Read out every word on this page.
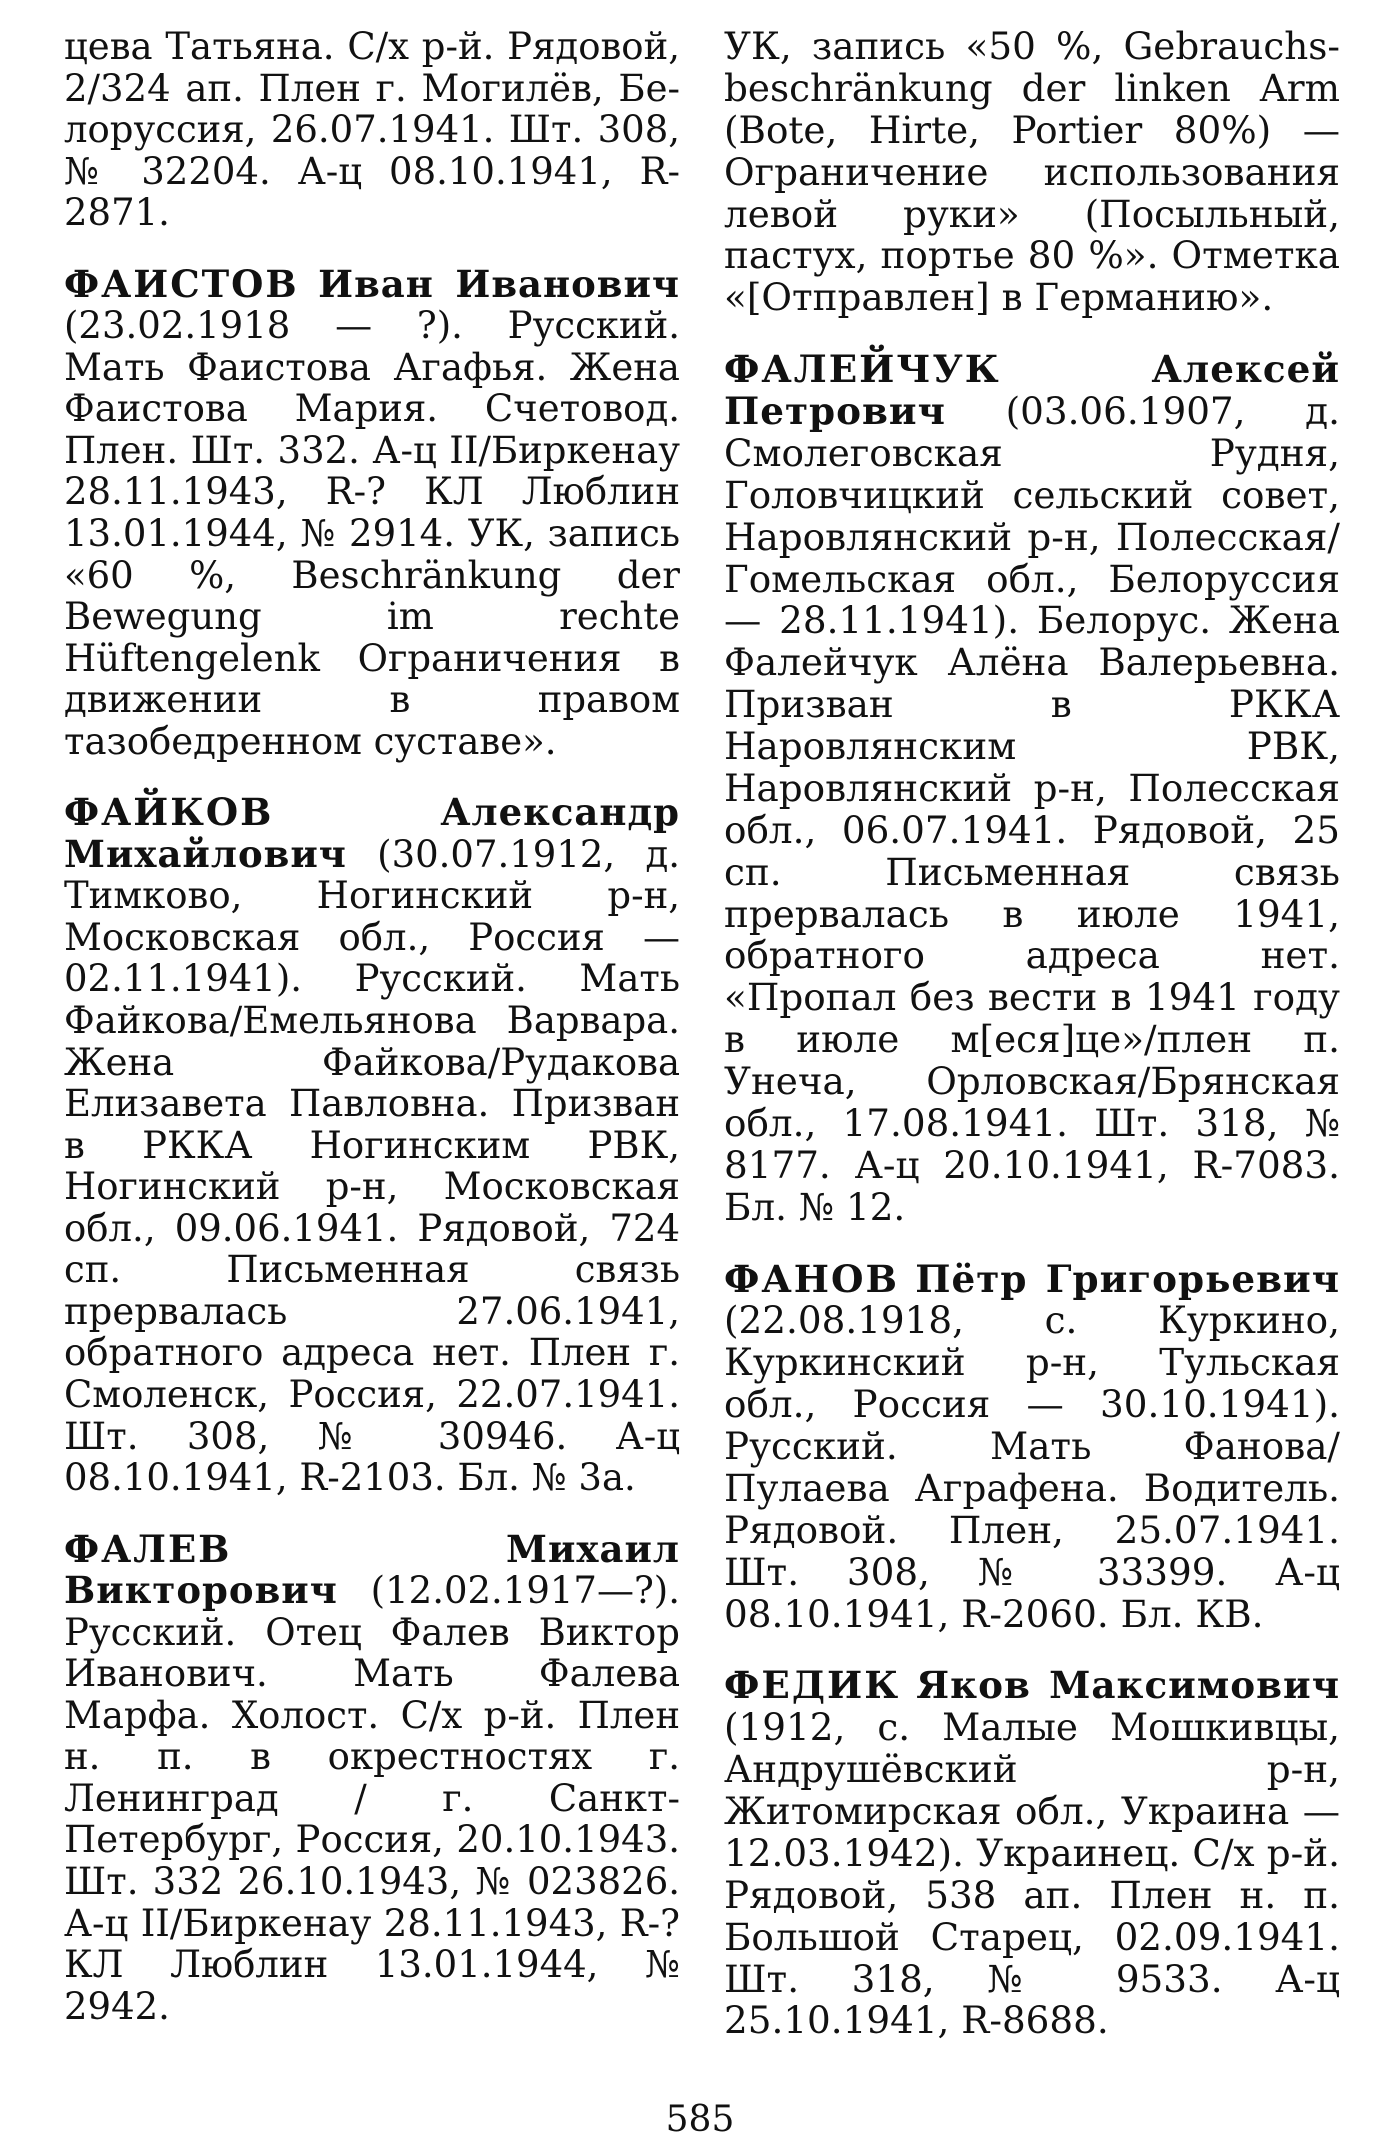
цева Татьяна. С/х р-й. Рядовой, 2/324 ап. Плен г. Могилёв, Белоруссия, 26.07.1941. Шт. 308, № 32204. А-ц 08.10.1941, R-2871.

ФАИСТОВ Иван Иванович (23.02.1918 — ?). Русский. Мать Фаистова Агафья. Жена Фаистова Мария. Счетовод. Плен. Шт. 332. А-ц II/Биркенау 28.11.1943, R-? КЛ Люблин 13.01.1944, № 2914. УК, запись «60 %, Beschränkung der Bewegung im rechte Hüftengelenk Ограничения в движении в правом тазобедренном суставе».

ФАЙКОВ	Александр Михайлович (30.07.1912, д. Тимково, Ногинский р-н, Московская обл., Россия — 02.11.1941). Русский. Мать Файкова/Емельянова Варвара. Жена Файкова/Рудакова Елизавета Павловна. Призван в РККА Ногинским РВК, Ногинский р-н, Московская обл., 09.06.1941. Рядовой, 724 сп. Письменная связь прервалась 27.06.1941, обратного адреса нет. Плен г. Смоленск, Россия, 22.07.1941. Шт. 308, № 30946. А-ц 08.10.1941, R-2103. Бл. № 3а.

ФАЛЕВ	Михаил Викторович (12.02.1917—?). Русский. Отец Фалев Виктор Иванович. Мать Фалева Марфа. Холост. С/х р-й. Плен н. п. в окрестностях г. Ленинград / г. Санкт-Петербург, Россия, 20.10.1943. Шт. 332 26.10.1943, № 023826. А-ц II/Биркенау 28.11.1943, R-? КЛ Люблин 13.01.1944, № 2942.

УК, запись «50 %, Gebrauchsbeschränkung der linken Arm (Bote, Hirte, Portier 80%) — Ограничение использования левой руки» (Посыльный, пастух, портье 80 %». Отметка «[Отправлен] в Германию».

ФАЛЕЙЧУК	Алексей Петрович (03.06.1907, д. Смолеговская Рудня, Головчицкий сельский совет, Наровлянский р-н, Полесская/Гомельская обл., Белоруссия — 28.11.1941). Белорус. Жена Фалейчук Алёна Валерьевна. Призван в РККА Наровлянским РВК, Наровлянский р-н, Полесская обл., 06.07.1941. Рядовой, 25 сп. Письменная связь прервалась в июле 1941, обратного адреса нет. «Пропал без вести в 1941 году в июле м[еся]це»/плен п. Унеча, Орловская/Брянская обл., 17.08.1941. Шт. 318, № 8177. А-ц 20.10.1941, R-7083. Бл. № 12.

ФАНОВ Пётр Григорьевич (22.08.1918, с. Куркино, Куркинский р-н, Тульская обл., Россия — 30.10.1941). Русский. Мать Фанова/Пулаева Аграфена. Водитель. Рядовой. Плен, 25.07.1941. Шт. 308, № 33399. А-ц 08.10.1941, R-2060. Бл. КВ.

ФЕДИК Яков Максимович (1912, с. Малые Мошкивцы, Андрушёвский р-н, Житомирская обл., Украина — 12.03.1942). Украинец. С/х р-й. Рядовой, 538 ап. Плен н. п. Большой Старец, 02.09.1941. Шт. 318, № 9533. А-ц 25.10.1941, R-8688.

585
